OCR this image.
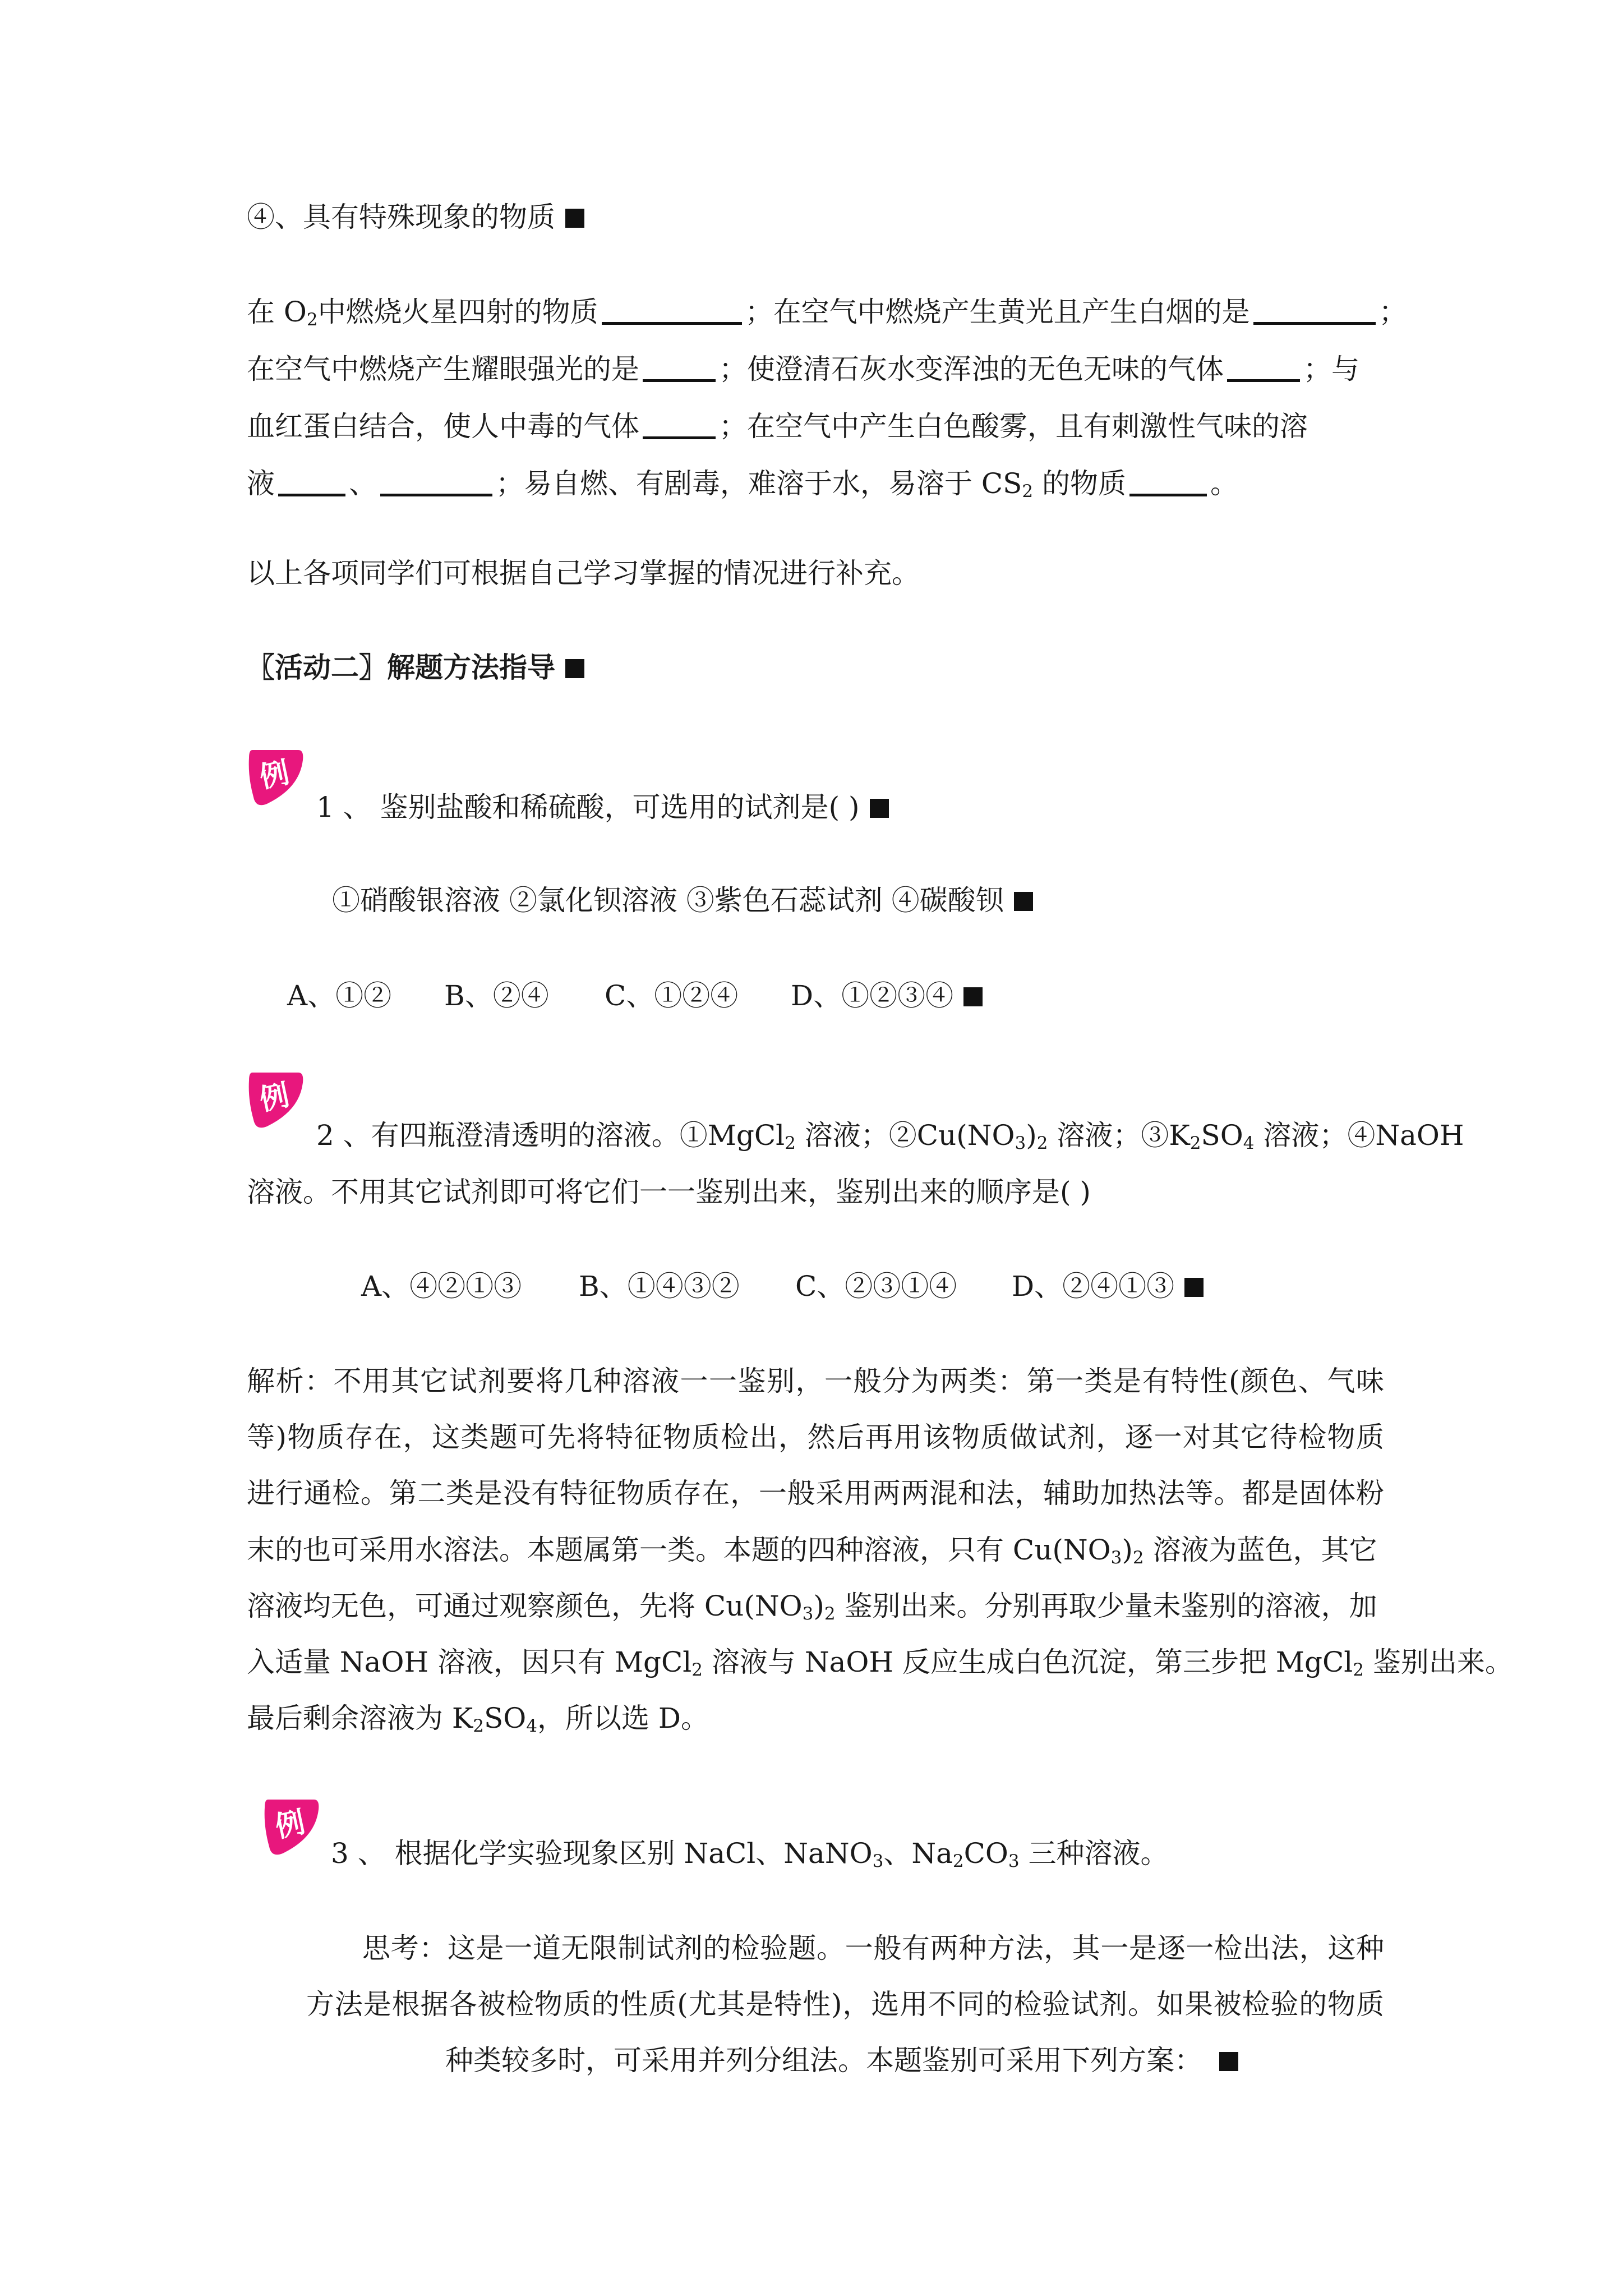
④、具有特殊现象的物质
在 $O_2$中燃烧火星四射的物质	；在空气中燃烧产生黄光且产生白烟的是	；
在空气中燃烧产生耀眼强光的是	；使澄清石灰水变浑浊的无色无味的气体	；与
血红蛋白结合，使人中毒的气体	；在空气中产生白色酸雾，且有刺激性气味的溶
液	、	；易自燃、有剧毒，难溶于水，易溶于 $CS_2$ 的物质	。
以上各项同学们可根据自己学习掌握的情况进行补充。
〖活动二〗解题方法指导
例
1 、 鉴别盐酸和稀硫酸，可选用的试剂是( )
①硝酸银溶液 ②氯化钡溶液 ③紫色石蕊试剂 ④碳酸钡
A、①② B、②④ C、①②④ D、①②③④
例
2 、有四瓶澄清透明的溶液。①MgCl$_2$ 溶液；$②Cu(NO_3)_2$ 溶液；$③K_2SO_4$ 溶液；④NaOH
溶液。不用其它试剂即可将它们一一鉴别出来，鉴别出来的顺序是( )
A、④②①③ B、①④③② C、②③①④ D、②④①③
解析：不用其它试剂要将几种溶液一一鉴别，一般分为两类：第一类是有特性(颜色、气味
等)物质存在，这类题可先将特征物质检出，然后再用该物质做试剂，逐一对其它待检物质
进行通检。第二类是没有特征物质存在，一般采用两两混和法，辅助加热法等。都是固体粉
末的也可采用水溶法。本题属第一类。本题的四种溶液，只有 $Cu(NO_3)_2$ 溶液为蓝色，其它
溶液均无色，可通过观察颜色，先将 $Cu(NO_3)_2$ 鉴别出来。分别再取少量未鉴别的溶液，加
入适量 NaOH 溶液，因只有 MgCl$_2$ 溶液与 NaOH 反应生成白色沉淀，第三步把 MgCl$_2$ 鉴别出来。
最后剩余溶液为 $K_2SO_4$，所以选 D。
例
3 、 根据化学实验现象区别 NaCl、NaNO$_3$、$Na_2CO_3$ 三种溶液。
思考：这是一道无限制试剂的检验题。一般有两种方法，其一是逐一检出法，这种
方法是根据各被检物质的性质(尤其是特性)，选用不同的检验试剂。如果被检验的物质
种类较多时，可采用并列分组法。本题鉴别可采用下列方案：
